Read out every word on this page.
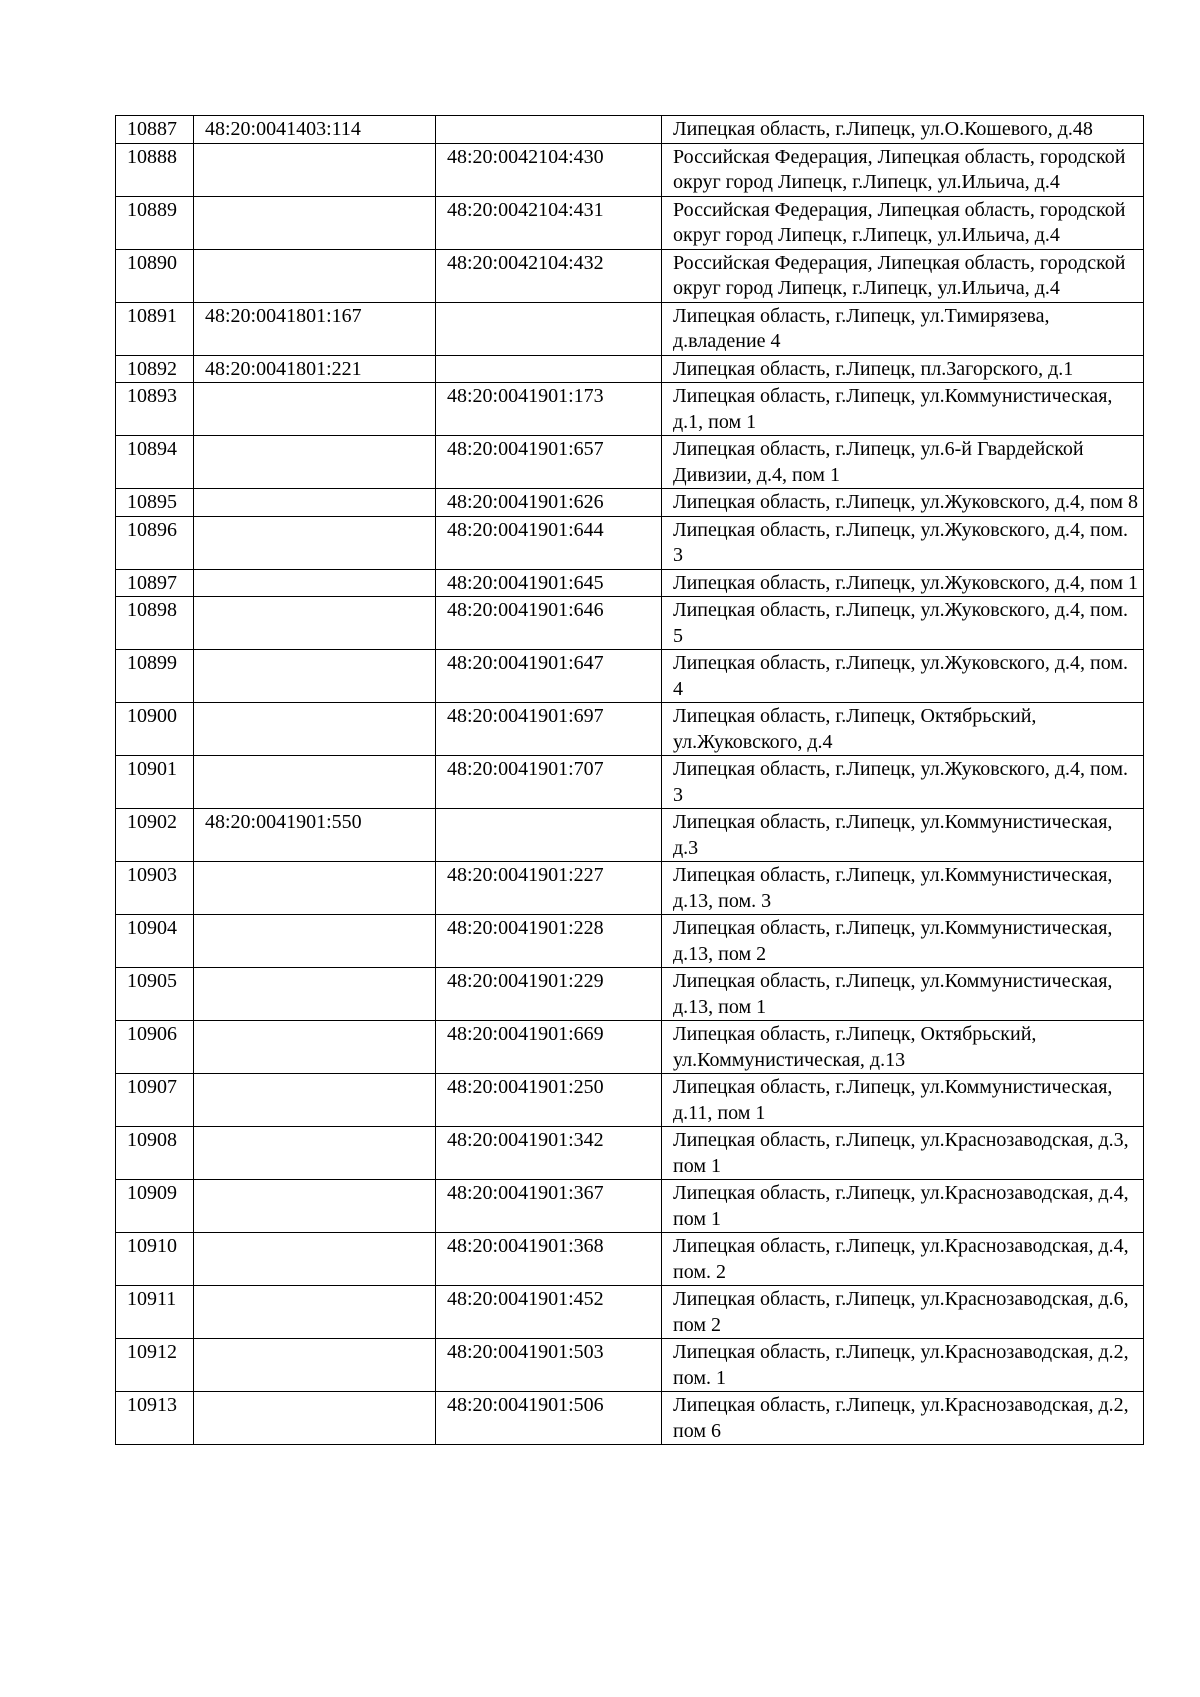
10887	48:20:0041403:114		Липецкая область, г.Липецк, ул.О.Кошевого, д.48
10888		48:20:0042104:430	Российская Федерация, Липецкая область, городской округ город Липецк, г.Липецк, ул.Ильича, д.4
10889		48:20:0042104:431	Российская Федерация, Липецкая область, городской округ город Липецк, г.Липецк, ул.Ильича, д.4
10890		48:20:0042104:432	Российская Федерация, Липецкая область, городской округ город Липецк, г.Липецк, ул.Ильича, д.4
10891	48:20:0041801:167		Липецкая область, г.Липецк, ул.Тимирязева, д.владение 4
10892	48:20:0041801:221		Липецкая область, г.Липецк, пл.Загорского, д.1
10893		48:20:0041901:173	Липецкая область, г.Липецк, ул.Коммунистическая, д.1, пом 1
10894		48:20:0041901:657	Липецкая область, г.Липецк, ул.6-й Гвардейской Дивизии, д.4, пом 1
10895		48:20:0041901:626	Липецкая область, г.Липецк, ул.Жуковского, д.4, пом 8
10896		48:20:0041901:644	Липецкая область, г.Липецк, ул.Жуковского, д.4, пом. 3
10897		48:20:0041901:645	Липецкая область, г.Липецк, ул.Жуковского, д.4, пом 1
10898		48:20:0041901:646	Липецкая область, г.Липецк, ул.Жуковского, д.4, пом. 5
10899		48:20:0041901:647	Липецкая область, г.Липецк, ул.Жуковского, д.4, пом. 4
10900		48:20:0041901:697	Липецкая область, г.Липецк, Октябрьский, ул.Жуковского, д.4
10901		48:20:0041901:707	Липецкая область, г.Липецк, ул.Жуковского, д.4, пом. 3
10902	48:20:0041901:550		Липецкая область, г.Липецк, ул.Коммунистическая, д.3
10903		48:20:0041901:227	Липецкая область, г.Липецк, ул.Коммунистическая, д.13, пом. 3
10904		48:20:0041901:228	Липецкая область, г.Липецк, ул.Коммунистическая, д.13, пом 2
10905		48:20:0041901:229	Липецкая область, г.Липецк, ул.Коммунистическая, д.13, пом 1
10906		48:20:0041901:669	Липецкая область, г.Липецк, Октябрьский, ул.Коммунистическая, д.13
10907		48:20:0041901:250	Липецкая область, г.Липецк, ул.Коммунистическая, д.11, пом 1
10908		48:20:0041901:342	Липецкая область, г.Липецк, ул.Краснозаводская, д.3, пом 1
10909		48:20:0041901:367	Липецкая область, г.Липецк, ул.Краснозаводская, д.4, пом 1
10910		48:20:0041901:368	Липецкая область, г.Липецк, ул.Краснозаводская, д.4, пом. 2
10911		48:20:0041901:452	Липецкая область, г.Липецк, ул.Краснозаводская, д.6, пом 2
10912		48:20:0041901:503	Липецкая область, г.Липецк, ул.Краснозаводская, д.2, пом. 1
10913		48:20:0041901:506	Липецкая область, г.Липецк, ул.Краснозаводская, д.2, пом 6
